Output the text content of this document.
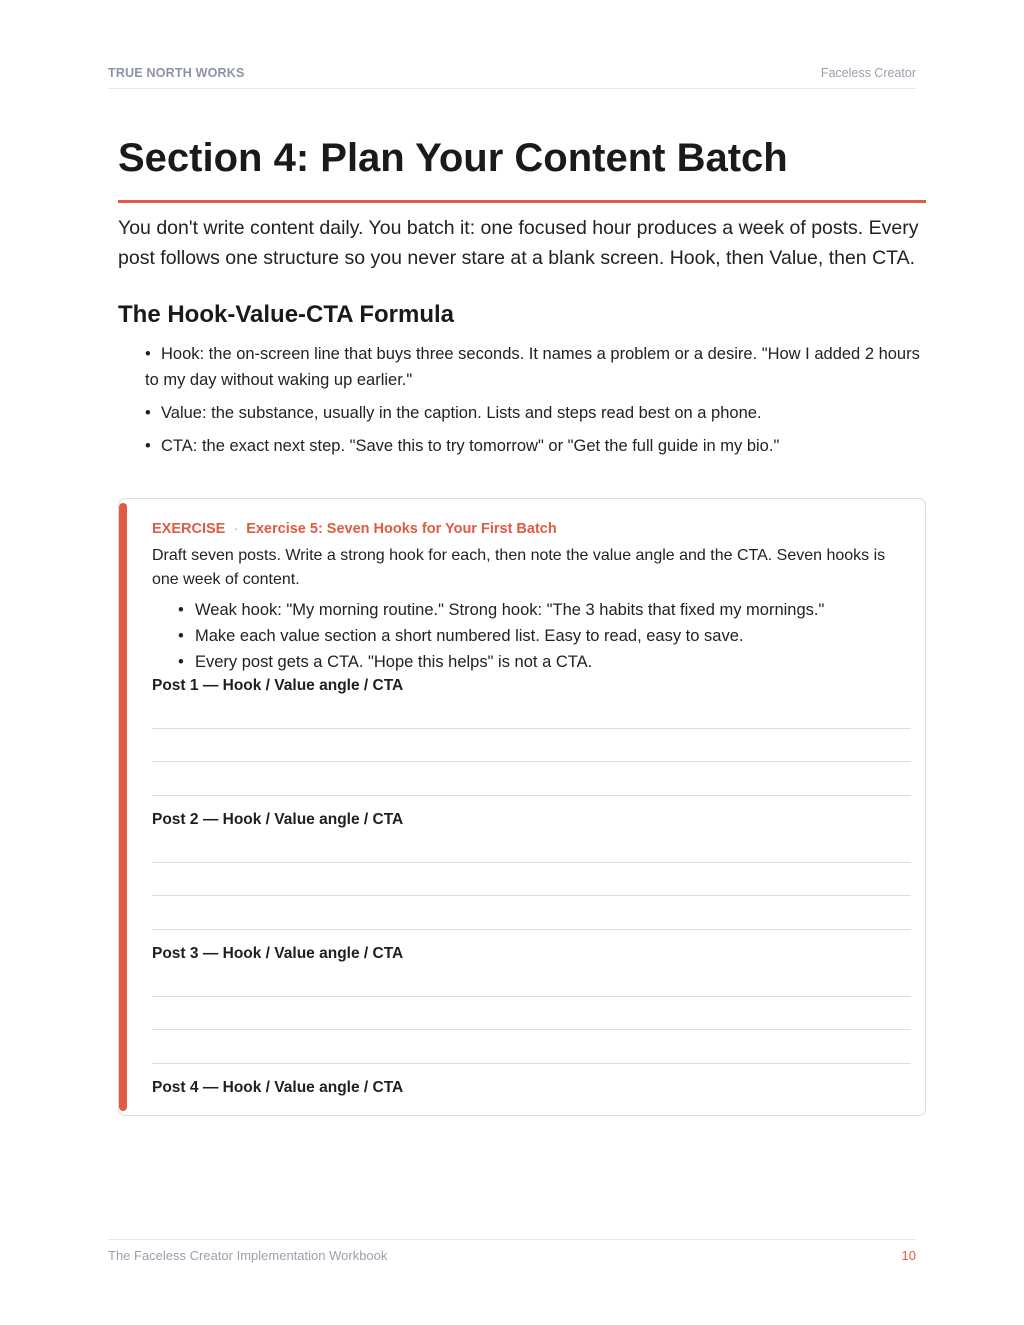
TRUE NORTH WORKS	Faceless Creator
Section 4: Plan Your Content Batch

You don't write content daily. You batch it: one focused hour produces a week of posts. Every post follows one structure so you never stare at a blank screen. Hook, then Value, then CTA.

The Hook-Value-CTA Formula
• Hook: the on-screen line that buys three seconds. It names a problem or a desire. "How I added 2 hours to my day without waking up earlier."
• Value: the substance, usually in the caption. Lists and steps read best on a phone.
• CTA: the exact next step. "Save this to try tomorrow" or "Get the full guide in my bio."
EXERCISE · Exercise 5: Seven Hooks for Your First Batch

Draft seven posts. Write a strong hook for each, then note the value angle and the CTA. Seven hooks is one week of content.

• Weak hook: "My morning routine." Strong hook: "The 3 habits that fixed my mornings."
• Make each value section a short numbered list. Easy to read, easy to save.
• Every post gets a CTA. "Hope this helps" is not a CTA.
Post 1 — Hook / Value angle / CTA
Post 2 — Hook / Value angle / CTA
Post 3 — Hook / Value angle / CTA
Post 4 — Hook / Value angle / CTA
The Faceless Creator Implementation Workbook	10
